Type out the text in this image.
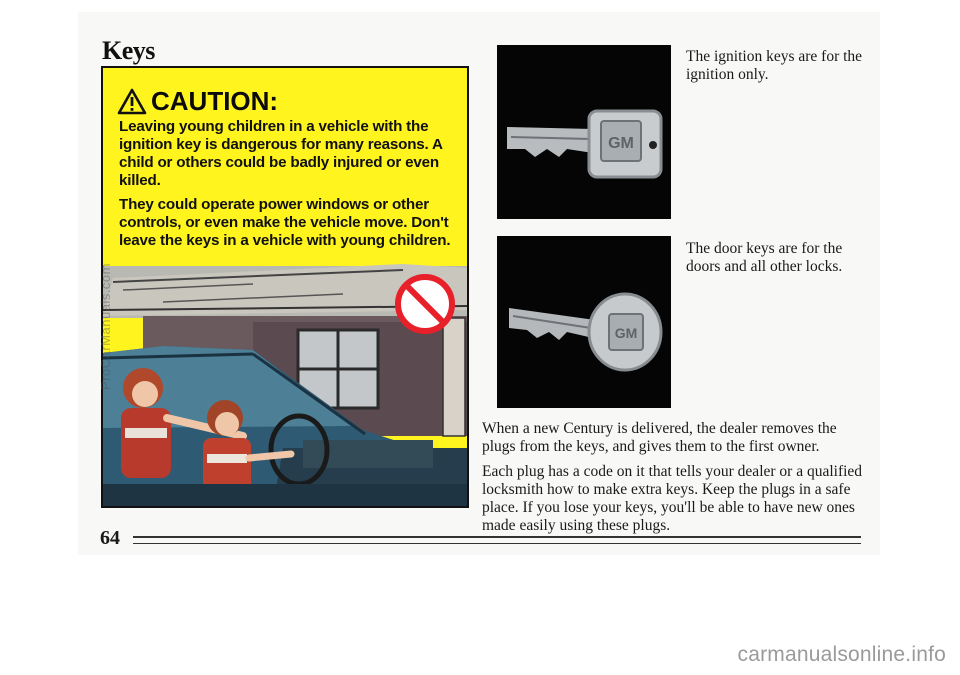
Keys
CAUTION:

Leaving young children in a vehicle with the ignition key is dangerous for many reasons. A child or others could be badly injured or even killed.

They could operate power windows or other controls, or even make the vehicle move. Don't leave the keys in a vehicle with young children.

GM

The ignition keys are for the ignition only.

GM

The door keys are for the doors and all other locks.

When a new Century is delivered, the dealer removes the plugs from the keys, and gives them to the first owner.

Each plug has a code on it that tells your dealer or a qualified locksmith how to make extra keys. Keep the plugs in a safe place. If you lose your keys, you'll be able to have new ones made easily using these plugs.

64
ProCarManuals.com
carmanualsonline.info
